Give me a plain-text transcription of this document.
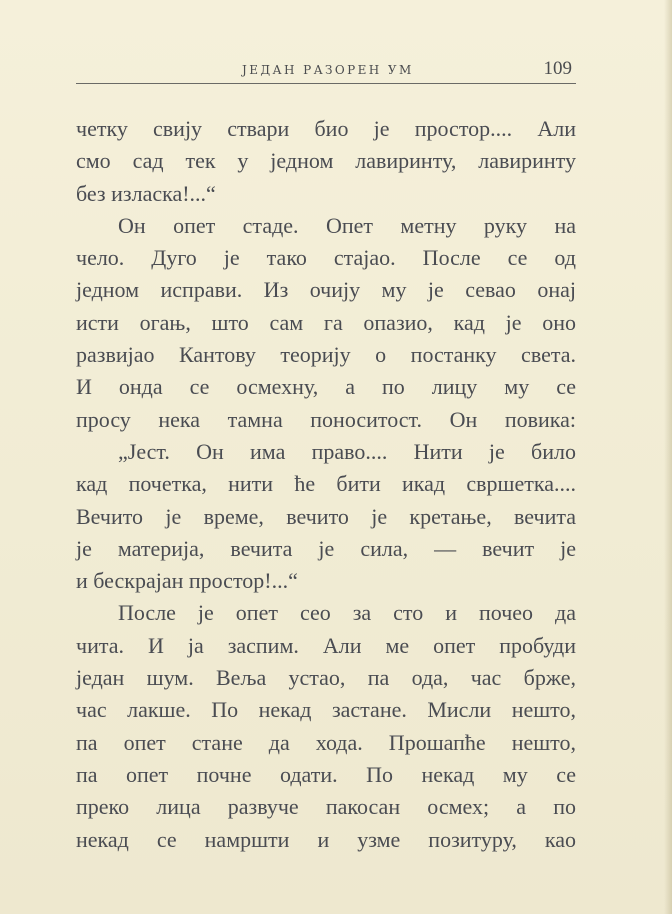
ЈЕДАН РАЗОРЕН УМ	109
четку свију ствари био је простор.... Али
смо сад тек у једном лавиринту, лавиринту
без изласка!...“
Он опет стаде. Опет метну руку на
чело. Дуго је тако стајао. После се од
једном исправи. Из очију му је севао онај
исти огањ, што сам га опазио, кад је оно
развијао Кантову теорију о постанку света.
И онда се осмехну, а по лицу му се
просу нека тамна поноситост. Он повика:
„Јест. Он има право.... Нити је било
кад почетка, нити ће бити икад свршетка....
Вечито је време, вечито је кретање, вечита
је материја, вечита је сила, — вечит је
и бескрајан простор!...“
После је опет сео за сто и почео да
чита. И ја заспим. Али ме опет пробуди
један шум. Веља устао, па ода, час брже,
час лакше. По некад застане. Мисли нешто,
па опет стане да хода. Прошапће нешто,
па опет почне одати. По некад му се
преко лица развуче пакосан осмех; а по
некад се намршти и узме позитуру, као
